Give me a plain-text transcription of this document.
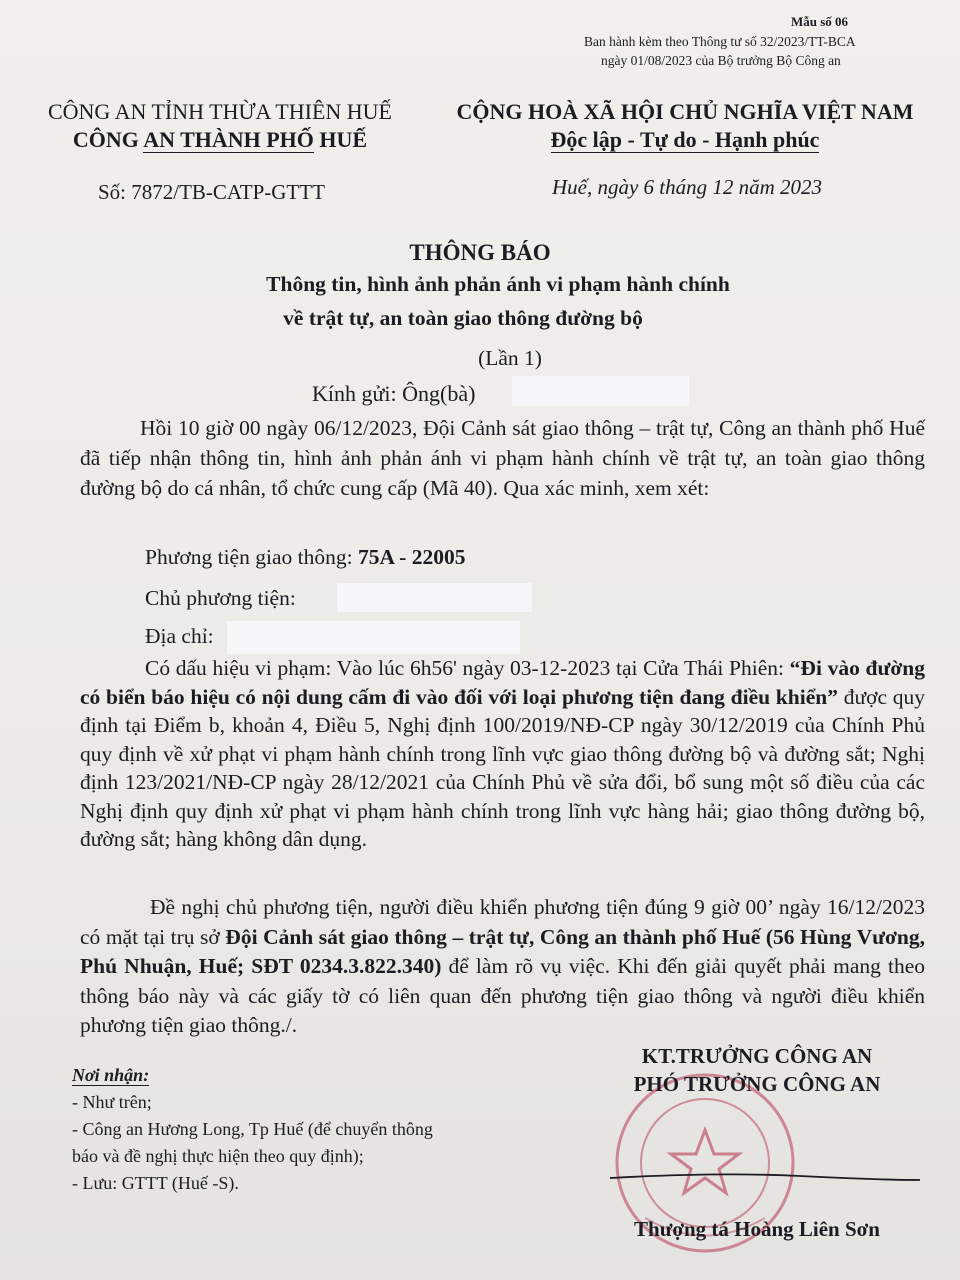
Mẫu số 06
Ban hành kèm theo Thông tư số 32/2023/TT-BCA
ngày 01/08/2023 của Bộ trưởng Bộ Công an
CÔNG AN TỈNH THỪA THIÊN HUẾ
CÔNG AN THÀNH PHỐ HUẾ
CỘNG HOÀ XÃ HỘI CHỦ NGHĨA VIỆT NAM
Độc lập - Tự do - Hạnh phúc
Số: 7872/TB-CATP-GTTT	Huế, ngày 6 tháng 12 năm 2023
THÔNG BÁO
Thông tin, hình ảnh phản ánh vi phạm hành chính
về trật tự, an toàn giao thông đường bộ
(Lần 1)
Kính gửi: Ông(bà)
Hồi 10 giờ 00 ngày 06/12/2023, Đội Cảnh sát giao thông – trật tự, Công an thành phố Huế đã tiếp nhận thông tin, hình ảnh phản ánh vi phạm hành chính về trật tự, an toàn giao thông đường bộ do cá nhân, tổ chức cung cấp (Mã 40). Qua xác minh, xem xét:
Phương tiện giao thông: 75A - 22005
Chủ phương tiện:
Địa chỉ:
Có dấu hiệu vi phạm: Vào lúc 6h56' ngày 03-12-2023 tại Cửa Thái Phiên: “Đi vào đường có biển báo hiệu có nội dung cấm đi vào đối với loại phương tiện đang điều khiển” được quy định tại Điểm b, khoản 4, Điều 5, Nghị định 100/2019/NĐ-CP ngày 30/12/2019 của Chính Phủ quy định về xử phạt vi phạm hành chính trong lĩnh vực giao thông đường bộ và đường sắt; Nghị định 123/2021/NĐ-CP ngày 28/12/2021 của Chính Phủ về sửa đổi, bổ sung một số điều của các Nghị định quy định xử phạt vi phạm hành chính trong lĩnh vực hàng hải; giao thông đường bộ, đường sắt; hàng không dân dụng.
Đề nghị chủ phương tiện, người điều khiển phương tiện đúng 9 giờ 00’ ngày 16/12/2023 có mặt tại trụ sở Đội Cảnh sát giao thông – trật tự, Công an thành phố Huế (56 Hùng Vương, Phú Nhuận, Huế; SĐT 0234.3.822.340) để làm rõ vụ việc. Khi đến giải quyết phải mang theo thông báo này và các giấy tờ có liên quan đến phương tiện giao thông và người điều khiển phương tiện giao thông./.
Nơi nhận:
- Như trên;
- Công an Hương Long, Tp Huế (để chuyển thông
báo và đề nghị thực hiện theo quy định);
- Lưu: GTTT (Huế -S).
KT.TRƯỞNG CÔNG AN
PHÓ TRƯỞNG CÔNG AN
Thượng tá Hoàng Liên Sơn
